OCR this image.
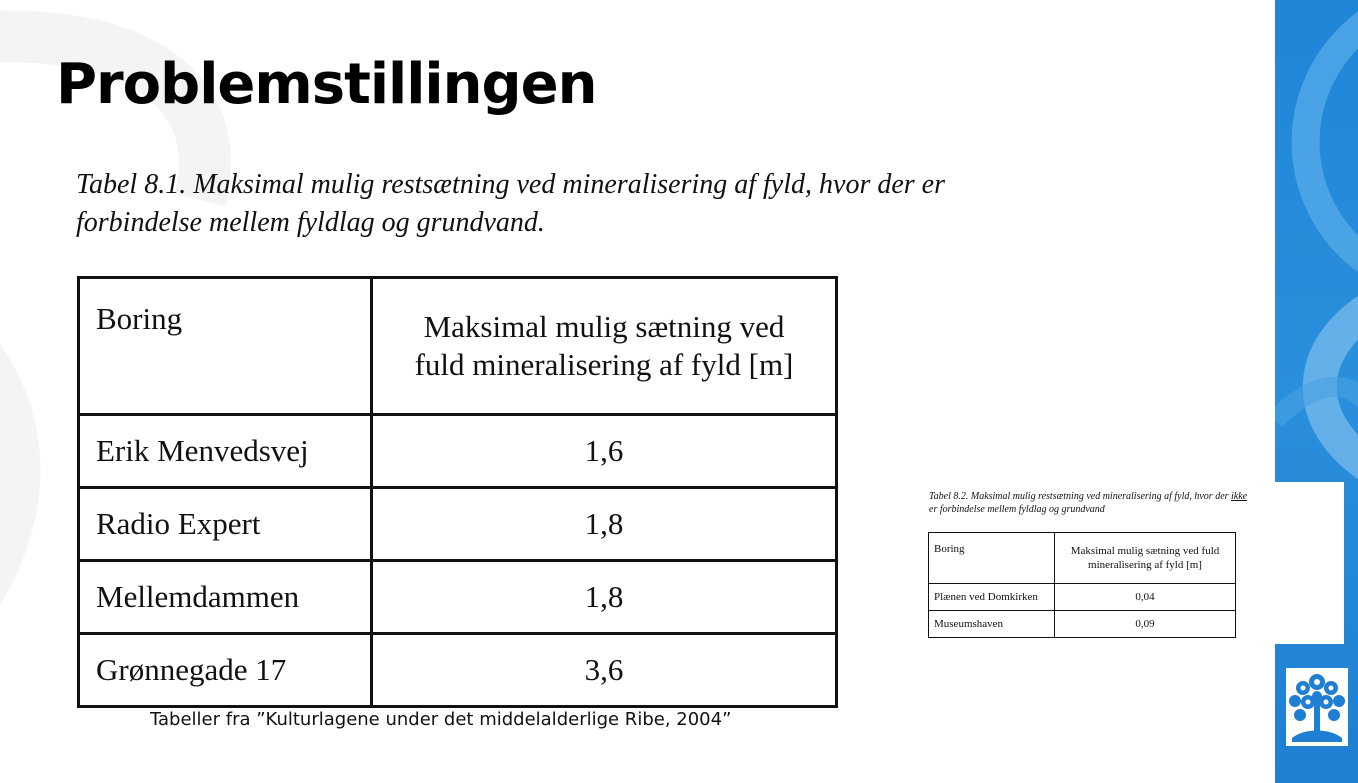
Problemstillingen
Tabel 8.1. Maksimal mulig restsætning ved mineralisering af fyld, hvor der er
forbindelse mellem fyldlag og grundvand.
Boring	Maksimal mulig sætning ved
fuld mineralisering af fyld [m]

Erik Menvedsvej	1,6
Radio Expert	1,8
Mellemdammen	1,8
Grønnegade 17	3,6
Tabeller fra ”Kulturlagene under det middelalderlige Ribe, 2004”
Tabel 8.2. Maksimal mulig restsætning ved mineralisering af fyld, hvor der ikke
er forbindelse mellem fyldlag og grundvand
Boring	Maksimal mulig sætning ved fuld
mineralisering af fyld [m]

Plænen ved Domkirken	0,04
Museumshaven	0,09
